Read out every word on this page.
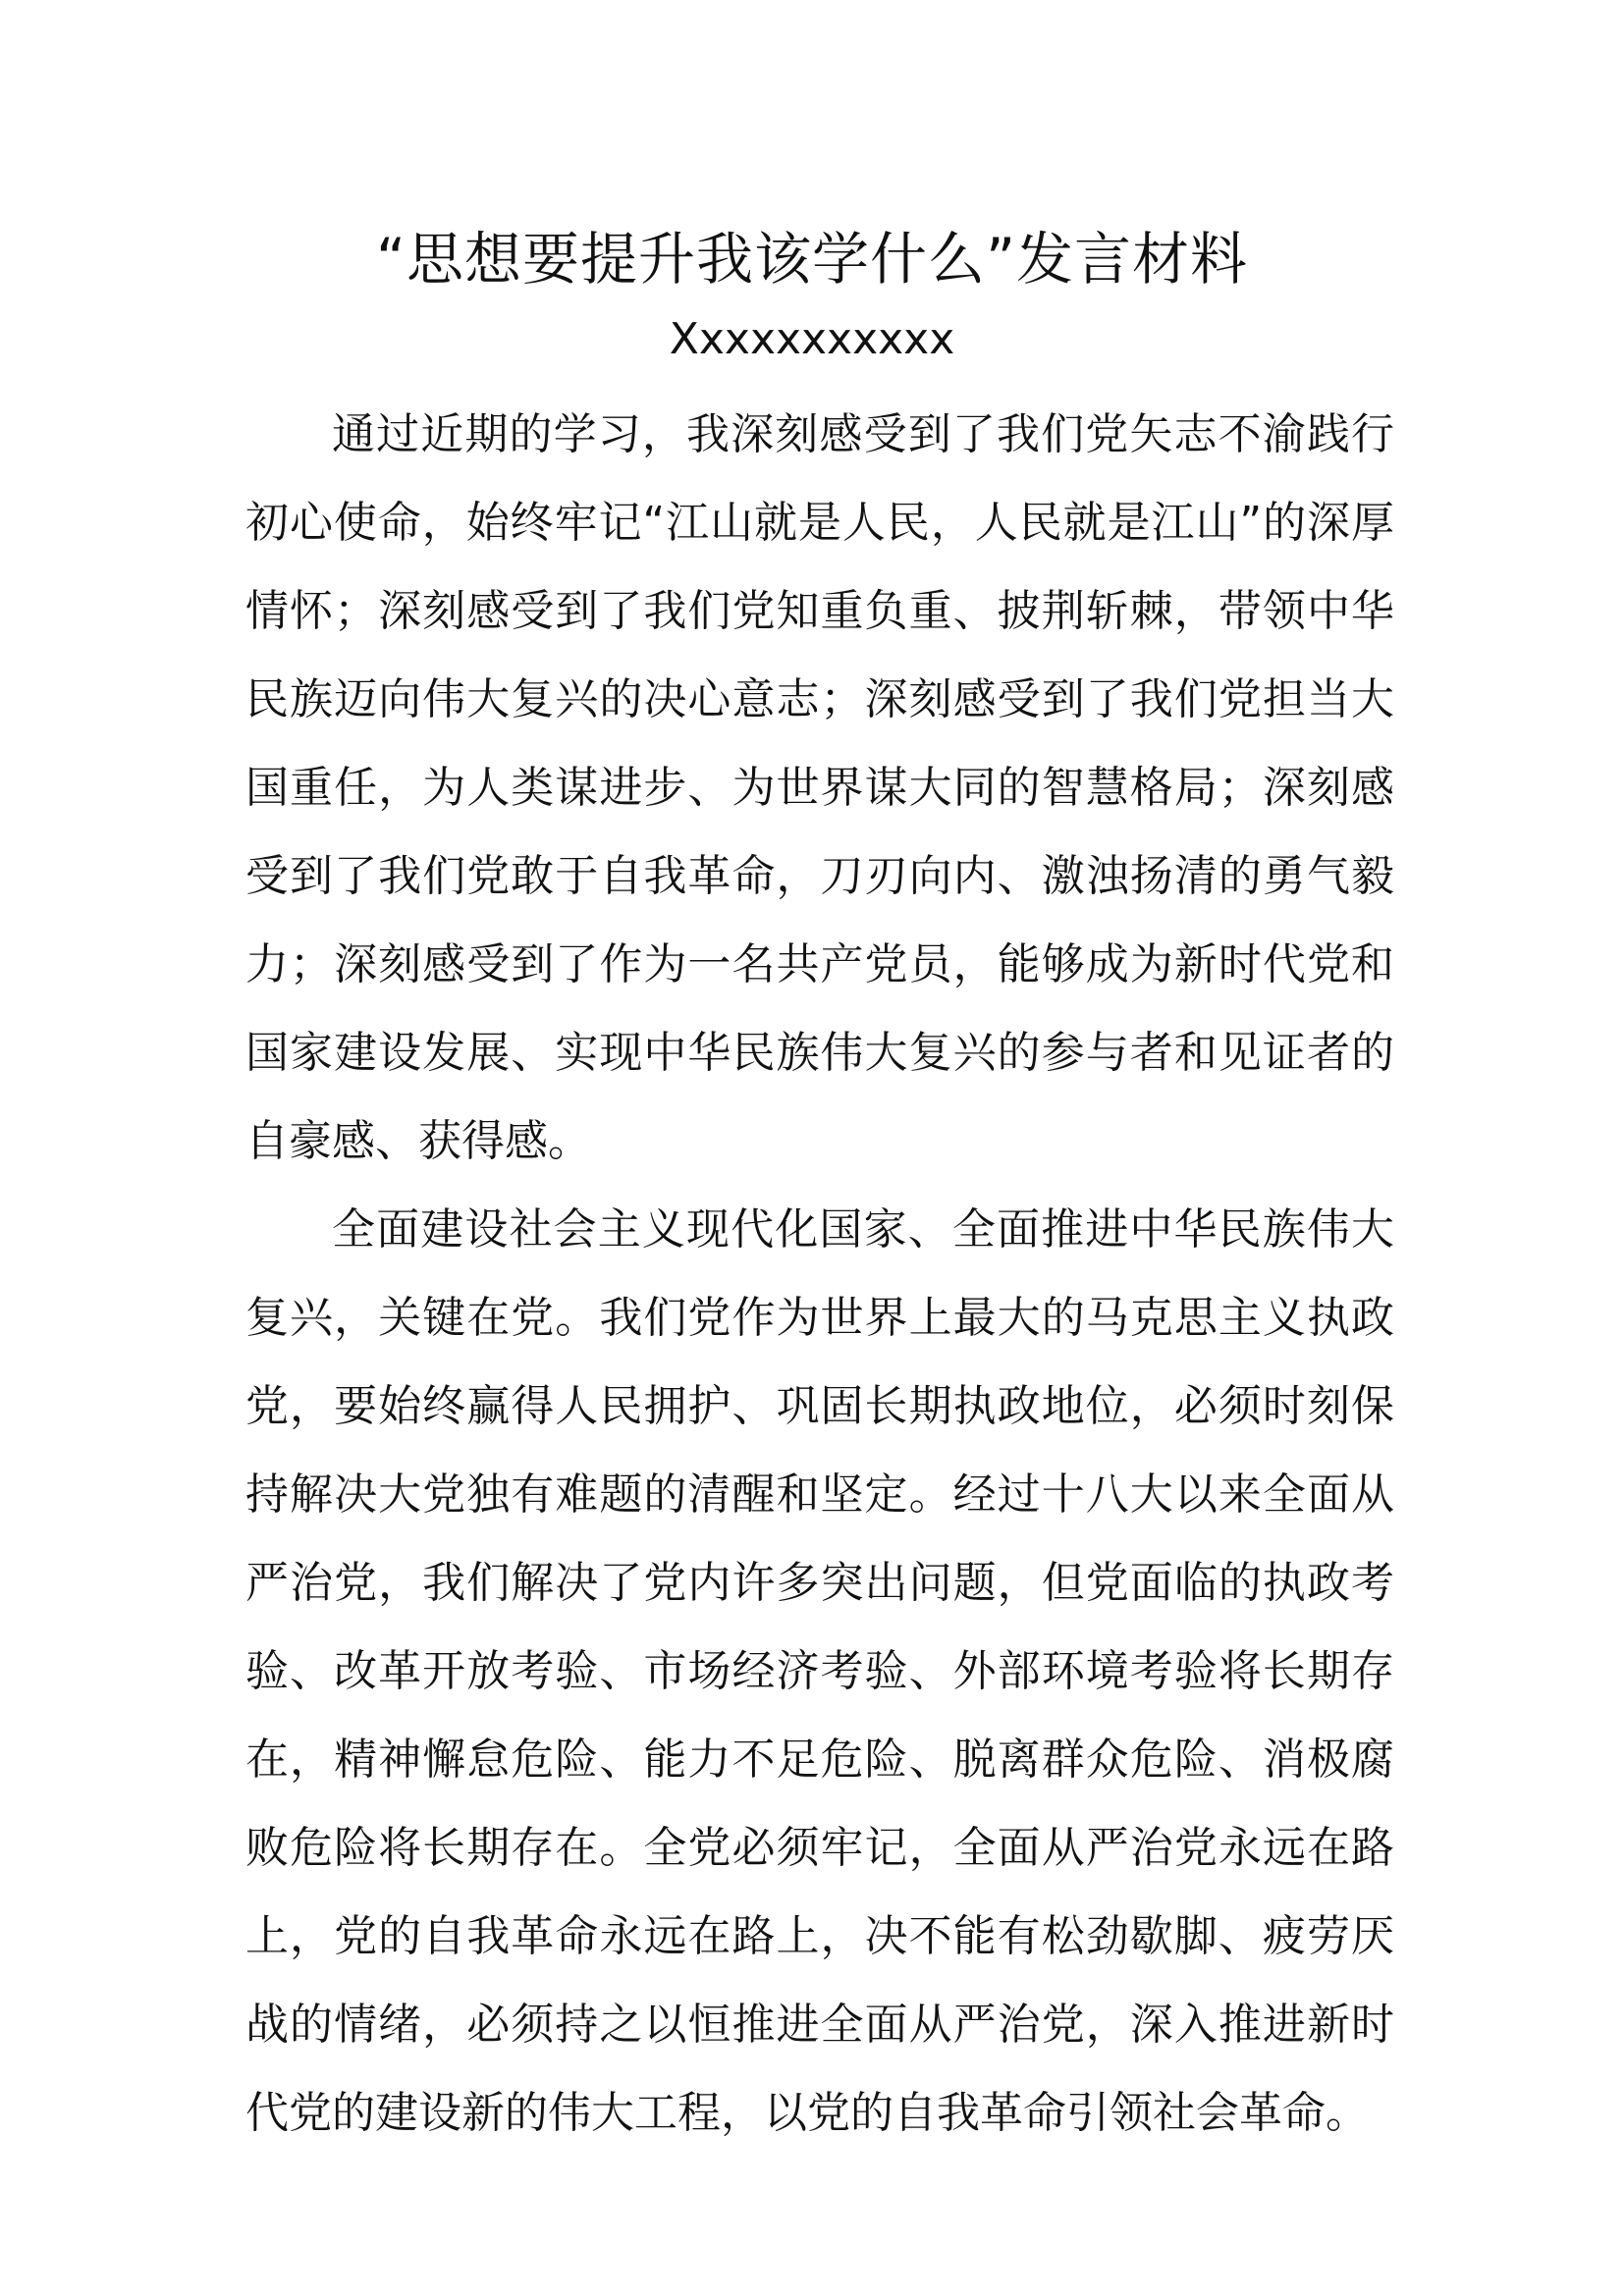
“思想要提升我该学什么”发言材料
Xxxxxxxxxxx

通过近期的学习，我深刻感受到了我们党矢志不渝践行初心使命，始终牢记“江山就是人民，人民就是江山”的深厚情怀；深刻感受到了我们党知重负重、披荆斩棘，带领中华民族迈向伟大复兴的决心意志；深刻感受到了我们党担当大国重任，为人类谋进步、为世界谋大同的智慧格局；深刻感受到了我们党敢于自我革命，刀刃向内、激浊扬清的勇气毅力；深刻感受到了作为一名共产党员，能够成为新时代党和国家建设发展、实现中华民族伟大复兴的参与者和见证者的自豪感、获得感。

全面建设社会主义现代化国家、全面推进中华民族伟大复兴，关键在党。我们党作为世界上最大的马克思主义执政党，要始终赢得人民拥护、巩固长期执政地位，必须时刻保持解决大党独有难题的清醒和坚定。经过十八大以来全面从严治党，我们解决了党内许多突出问题，但党面临的执政考验、改革开放考验、市场经济考验、外部环境考验将长期存在，精神懈怠危险、能力不足危险、脱离群众危险、消极腐败危险将长期存在。全党必须牢记，全面从严治党永远在路上，党的自我革命永远在路上，决不能有松劲歇脚、疲劳厌战的情绪，必须持之以恒推进全面从严治党，深入推进新时代党的建设新的伟大工程，以党的自我革命引领社会革命。
